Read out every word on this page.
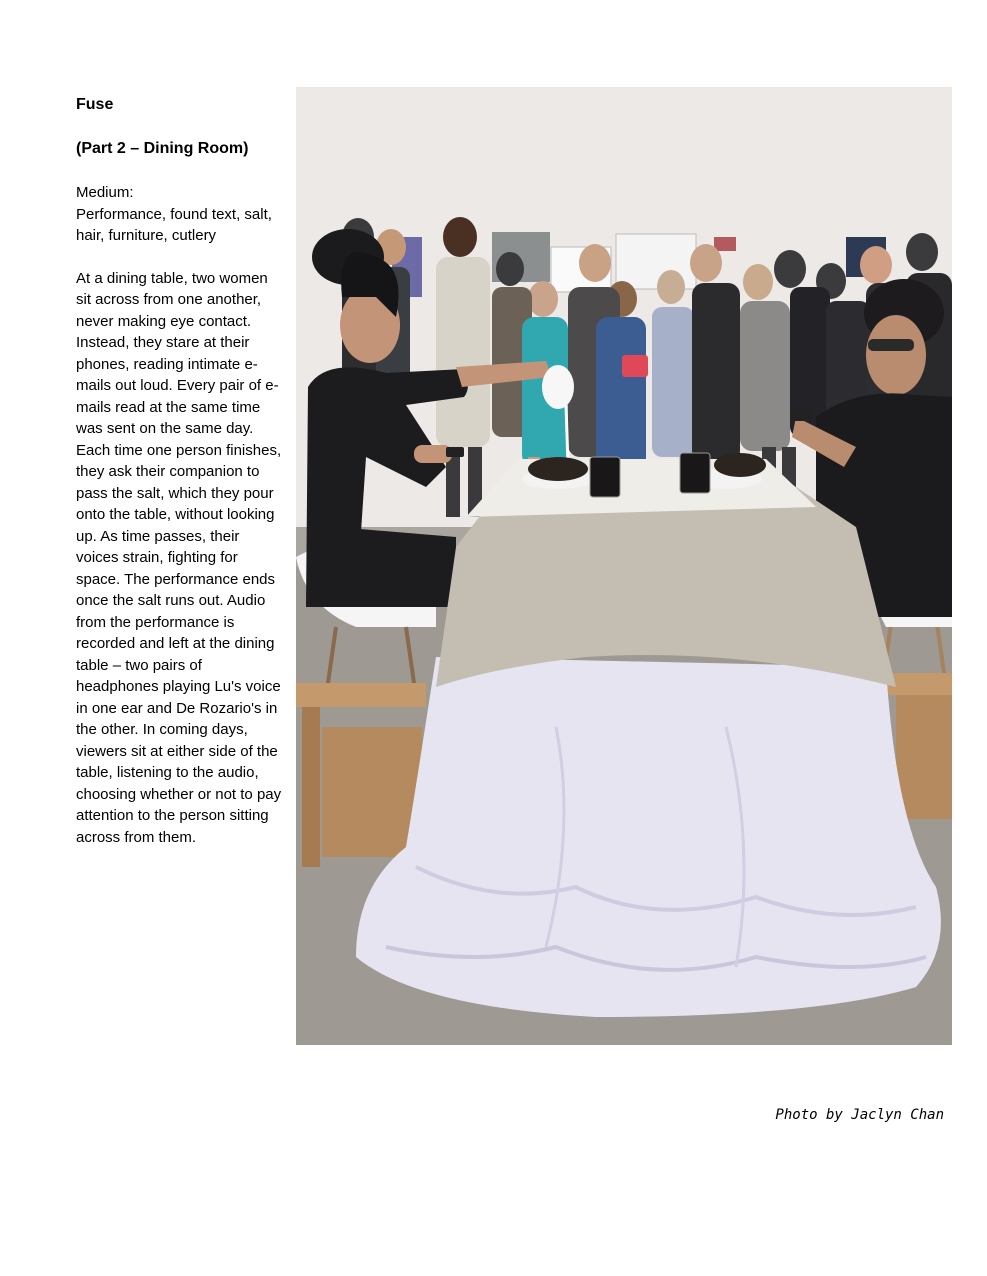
Fuse

(Part 2 – Dining Room)

Medium:

Performance, found text, salt, hair, furniture, cutlery

At a dining table, two women sit across from one another, never making eye contact. Instead, they stare at their phones, reading intimate e-mails out loud. Every pair of e-mails read at the same time was sent on the same day. Each time one person finishes, they ask their companion to pass the salt, which they pour onto the table, without looking up. As time passes, their voices strain, fighting for space. The performance ends once the salt runs out. Audio from the performance is recorded and left at the dining table – two pairs of headphones playing Lu's voice in one ear and De Rozario's in the other. In coming days, viewers sit at either side of the table, listening to the audio, choosing whether or not to pay attention to the person sitting across from them.

Photo by Jaclyn Chan
